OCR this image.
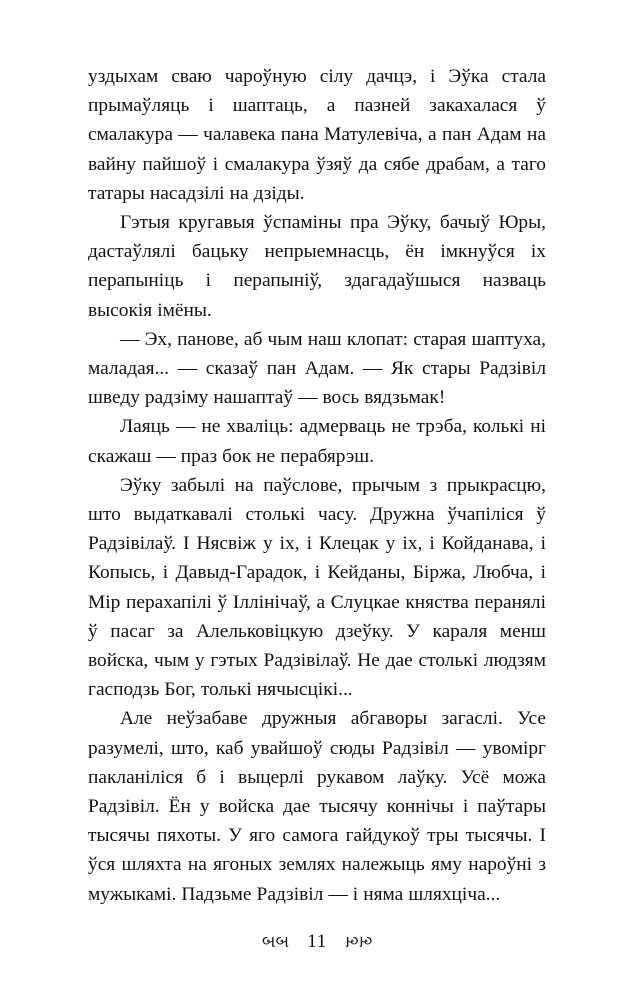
уздыхам сваю чароўную сілу дачцэ, і Эўка стала прымаўляць і шаптаць, а пазней закахалася ў смалакура — чалавека пана Матулевіча, а пан Адам на вайну пайшоў і смалакура ўзяў да сябе драбам, а таго татары насадзілі на дзіды.

Гэтыя кругавыя ўспаміны пра Эўку, бачыў Юры, дастаўлялі бацьку непрыемнасць, ён імкнуўся іх перапыніць і перапыніў, здагадаўшыся назваць высокія імёны.

— Эх, панове, аб чым наш клопат: старая шаптуха, маладая... — сказаў пан Адам. — Як стары Радзівіл шведу радзіму нашаптаў — вось вядзьмак!

Лаяць — не хваліць: адмерваць не трэба, колькі ні скажаш — праз бок не перабярэш.

Эўку забылі на паўслове, прычым з прыкрасцю, што выдаткавалі столькі часу. Дружна ўчапіліся ў Радзівілаў. І Нясвіж у іх, і Клецак у іх, і Койданава, і Копысь, і Давыд-Гарадок, і Кейданы, Біржа, Любча, і Мір перахапілі ў Іллінічаў, а Слуцкае княства перанялі ў пасаг за Алельковіцкую дзеўку. У караля менш войска, чым у гэтых Радзівілаў. Не дае столькі людзям гасподзь Бог, толькі нячысцікі...

Але неўзабаве дружныя абгаворы загаслі. Усе разумелі, што, каб увайшоў сюды Радзівіл — увомірг пакланіліся б і выцерлі рукавом лаўку. Усё можа Радзівіл. Ён у войска дае тысячу коннічы і паўтары тысячы пяхоты. У яго самога гайдукоў тры тысячы. І ўся шляхта на ягоных землях належыць яму нароўні з мужыкамі. Падзьме Радзівіл — і няма шляхціча...

બબ 11 બબ
